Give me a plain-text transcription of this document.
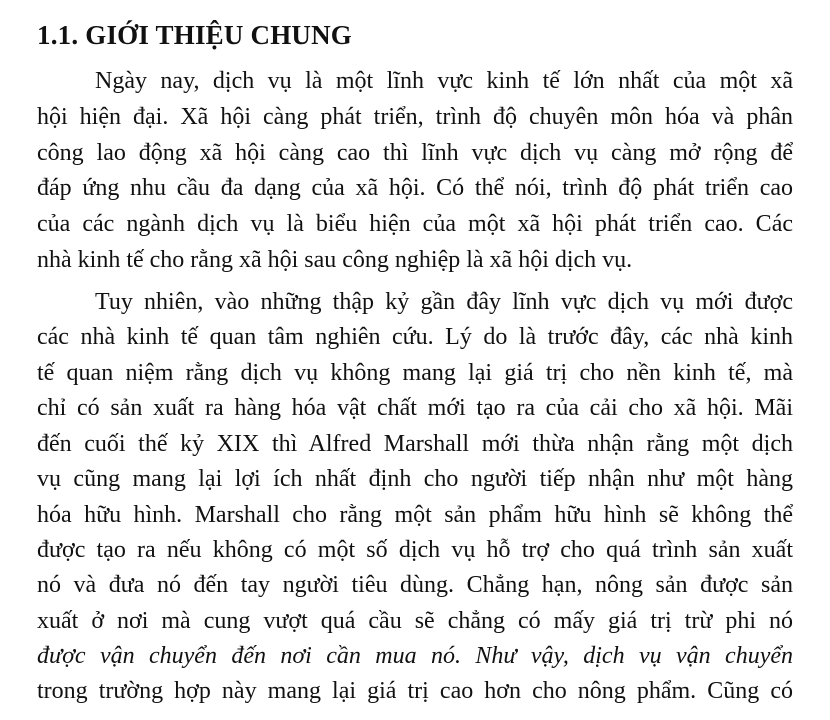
1.1. GIỚI THIỆU CHUNG

Ngày nay, dịch vụ là một lĩnh vực kinh tế lớn nhất của một xã

hội hiện đại. Xã hội càng phát triển, trình độ chuyên môn hóa và phân

công lao động xã hội càng cao thì lĩnh vực dịch vụ càng mở rộng để

đáp ứng nhu cầu đa dạng của xã hội. Có thể nói, trình độ phát triển cao

của các ngành dịch vụ là biểu hiện của một xã hội phát triển cao. Các

nhà kinh tế cho rằng xã hội sau công nghiệp là xã hội dịch vụ.

Tuy nhiên, vào những thập kỷ gần đây lĩnh vực dịch vụ mới được

các nhà kinh tế quan tâm nghiên cứu. Lý do là trước đây, các nhà kinh

tế quan niệm rằng dịch vụ không mang lại giá trị cho nền kinh tế, mà

chỉ có sản xuất ra hàng hóa vật chất mới tạo ra của cải cho xã hội. Mãi

đến cuối thế kỷ XIX thì Alfred Marshall mới thừa nhận rằng một dịch

vụ cũng mang lại lợi ích nhất định cho người tiếp nhận như một hàng

hóa hữu hình. Marshall cho rằng một sản phẩm hữu hình sẽ không thể

được tạo ra nếu không có một số dịch vụ hỗ trợ cho quá trình sản xuất

nó và đưa nó đến tay người tiêu dùng. Chẳng hạn, nông sản được sản

xuất ở nơi mà cung vượt quá cầu sẽ chẳng có mấy giá trị trừ phi nó

được vận chuyển đến nơi cần mua nó. Như vậy, dịch vụ vận chuyển

trong trường hợp này mang lại giá trị cao hơn cho nông phẩm. Cũng có
